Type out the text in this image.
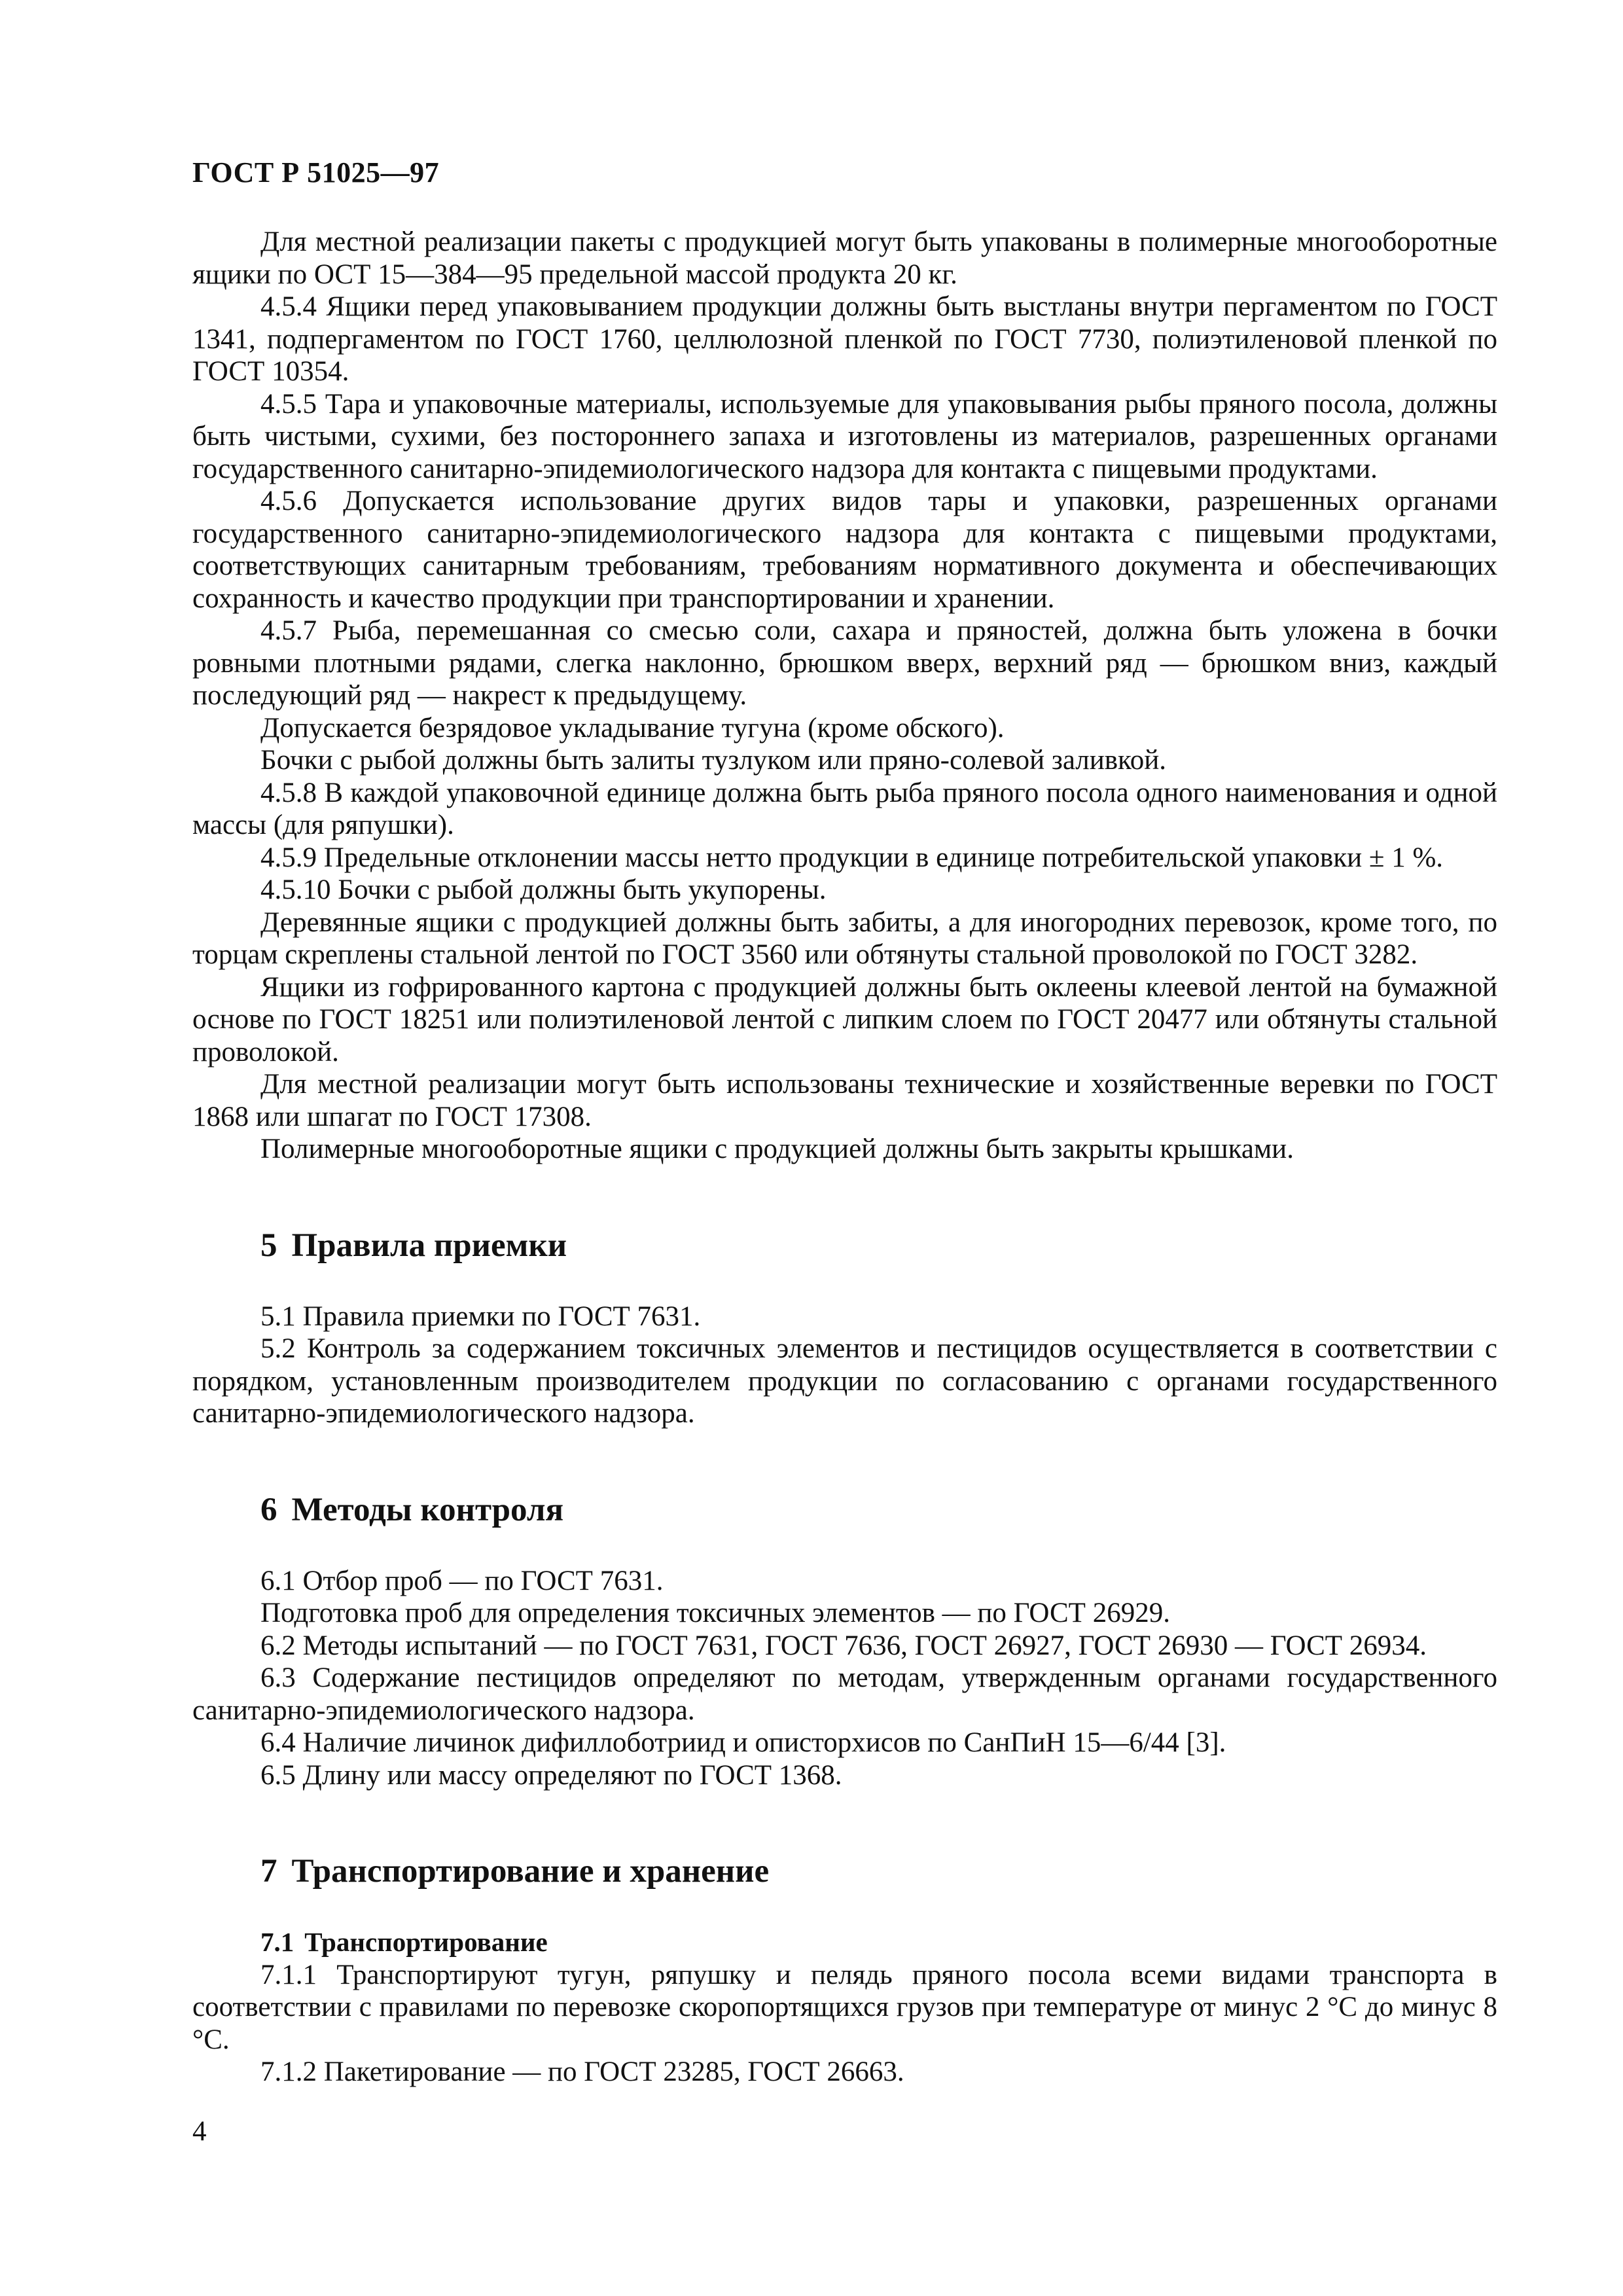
ГОСТ Р 51025—97

Для местной реализации пакеты с продукцией могут быть упакованы в полимерные многооборотные ящики по ОСТ 15—384—95 предельной массой продукта 20 кг.

4.5.4 Ящики перед упаковыванием продукции должны быть выстланы внутри пергаментом по ГОСТ 1341, подпергаментом по ГОСТ 1760, целлюлозной пленкой по ГОСТ 7730, полиэтиленовой пленкой по ГОСТ 10354.

4.5.5 Тара и упаковочные материалы, используемые для упаковывания рыбы пряного посола, должны быть чистыми, сухими, без постороннего запаха и изготовлены из материалов, разрешенных органами государственного санитарно-эпидемиологического надзора для контакта с пищевыми продуктами.

4.5.6 Допускается использование других видов тары и упаковки, разрешенных органами государственного санитарно-эпидемиологического надзора для контакта с пищевыми продуктами, соответствующих санитарным требованиям, требованиям нормативного документа и обеспечивающих сохранность и качество продукции при транспортировании и хранении.

4.5.7 Рыба, перемешанная со смесью соли, сахара и пряностей, должна быть уложена в бочки ровными плотными рядами, слегка наклонно, брюшком вверх, верхний ряд — брюшком вниз, каждый последующий ряд — накрест к предыдущему.

Допускается безрядовое укладывание тугуна (кроме обского).

Бочки с рыбой должны быть залиты тузлуком или пряно-солевой заливкой.

4.5.8 В каждой упаковочной единице должна быть рыба пряного посола одного наименования и одной массы (для ряпушки).

4.5.9 Предельные отклонении массы нетто продукции в единице потребительской упаковки ± 1 %.

4.5.10 Бочки с рыбой должны быть укупорены.

Деревянные ящики с продукцией должны быть забиты, а для иногородних перевозок, кроме того, по торцам скреплены стальной лентой по ГОСТ 3560 или обтянуты стальной проволокой по ГОСТ 3282.

Ящики из гофрированного картона с продукцией должны быть оклеены клеевой лентой на бумажной основе по ГОСТ 18251 или полиэтиленовой лентой с липким слоем по ГОСТ 20477 или обтянуты стальной проволокой.

Для местной реализации могут быть использованы технические и хозяйственные веревки по ГОСТ 1868 или шпагат по ГОСТ 17308.

Полимерные многооборотные ящики с продукцией должны быть закрыты крышками.

5 Правила приемки

5.1 Правила приемки по ГОСТ 7631.

5.2 Контроль за содержанием токсичных элементов и пестицидов осуществляется в соответствии с порядком, установленным производителем продукции по согласованию с органами государственного санитарно-эпидемиологического надзора.

6 Методы контроля

6.1 Отбор проб — по ГОСТ 7631.

Подготовка проб для определения токсичных элементов — по ГОСТ 26929.

6.2 Методы испытаний — по ГОСТ 7631, ГОСТ 7636, ГОСТ 26927, ГОСТ 26930 — ГОСТ 26934.

6.3 Содержание пестицидов определяют по методам, утвержденным органами государственного санитарно-эпидемиологического надзора.

6.4 Наличие личинок дифиллоботриид и описторхисов по СанПиН 15—6/44 [3].

6.5 Длину или массу определяют по ГОСТ 1368.

7 Транспортирование и хранение
7.1 Транспортирование

7.1.1 Транспортируют тугун, ряпушку и пелядь пряного посола всеми видами транспорта в соответствии с правилами по перевозке скоропортящихся грузов при температуре от минус 2 °С до минус 8 °С.

7.1.2 Пакетирование — по ГОСТ 23285, ГОСТ 26663.

4
